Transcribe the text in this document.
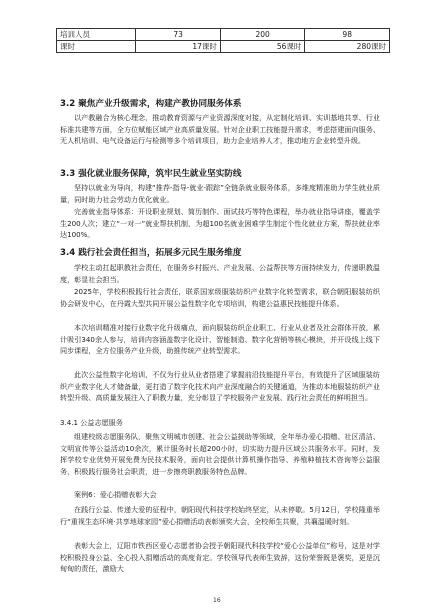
培训人员	73	200	98
课时	17课时	56课时	280课时
3.2 聚焦产业升级需求，构建产教协同服务体系
以产教融合为核心理念，推动教育资源与产业资源深度对接，从定制化培训、实训基地共享、行业标准共建等方面，全方位赋能区域产业高质量发展。针对企业职工技能提升需求，考虑搭建面向服务、无人机培训、电气设备运行与检测等多个培训项目，助力企业培养人才，推动地方企业转型升级。
3.3 强化就业服务保障，筑牢民生就业坚实防线
坚持以就业为导向，构建“推荐-指导-就业-跟踪”全链条就业服务体系，多维度精准助力学生就业质量，同时助力社会劳动力优化就业。
完善就业指导体系：开设职业规划、简历制作、面试技巧等特色课程，举办就业指导讲座，覆盖学生200人次；建立“一对一”就业帮扶机制，为超100名就业困难学生制定个性化就业方案，帮扶就业率达100%。
3.4 践行社会责任担当，拓展多元民生服务维度
学校主动扛起职教社会责任，在服务乡村振兴、产业发展、公益帮扶等方面持续发力，传递职教温度，彰显社会担当。
2025年，学校积极践行社会责任，联系国家级服装纺织产业数字化转型需求，联合朝阳服装纺织协会研发中心，在丹霞大型共同开展公益性数字化专项培训，构建公益惠民技能提升体系。
本次培训精准对接行业数字化升级痛点，面向服装纺织企业职工、行业从业者及社会群体开放，累计吸引340余人参与，培训内容涵盖数字化设计、智能制造、数字化营销等核心模块，并开设线上线下同步课程，全方位服务产业升级，助推传统产业转型需求。
此次公益性数字化培训，不仅为行业从业者搭建了掌握前沿技能提升平台，有效提升了区域服装纺织产业数字化人才储备量，更打造了数字化技术向产业深度融合的关键通道，为推动本地服装纺织产业转型升级、高质量发展注入了职教力量，充分彰显了学校服务产业发展、践行社会责任的鲜明担当。
3.4.1 公益志愿服务
组建校级志愿服务队，聚焦文明城市创建、社会公益援助等领域，全年举办爱心捐赠、社区清洁、文明宣传等公益活动10余次，累计服务时长超200小时，切实助力提升区域公共服务水平。同时，发挥学校专业优势开展免费为民技术服务，面向社会提供计算机操作指导、养殖种植技术咨询等公益服务，积极践行服务社会职责，进一步擦亮职教服务特色品牌。
案例6：爱心捐赠表彰大会
在践行公益、传递大爱的征程中，朝阳现代科技学校始终坚定，从未停歇。5月12日，学校隆重举行“重视生态环境·共享地球家园”爱心捐赠活动表彰颁奖大会，全校师生共聚，共襄温暖时刻。
表彰大会上，辽阳市铁西区爱心志愿者协会授予朝阳现代科技学校“爱心公益单位”称号，这是对学校积极投身公益、全心投入捐赠活动的高度肯定。学校领导代表师生致辞，这份荣誉既是褒奖，更是沉甸甸的责任，激励大
16
